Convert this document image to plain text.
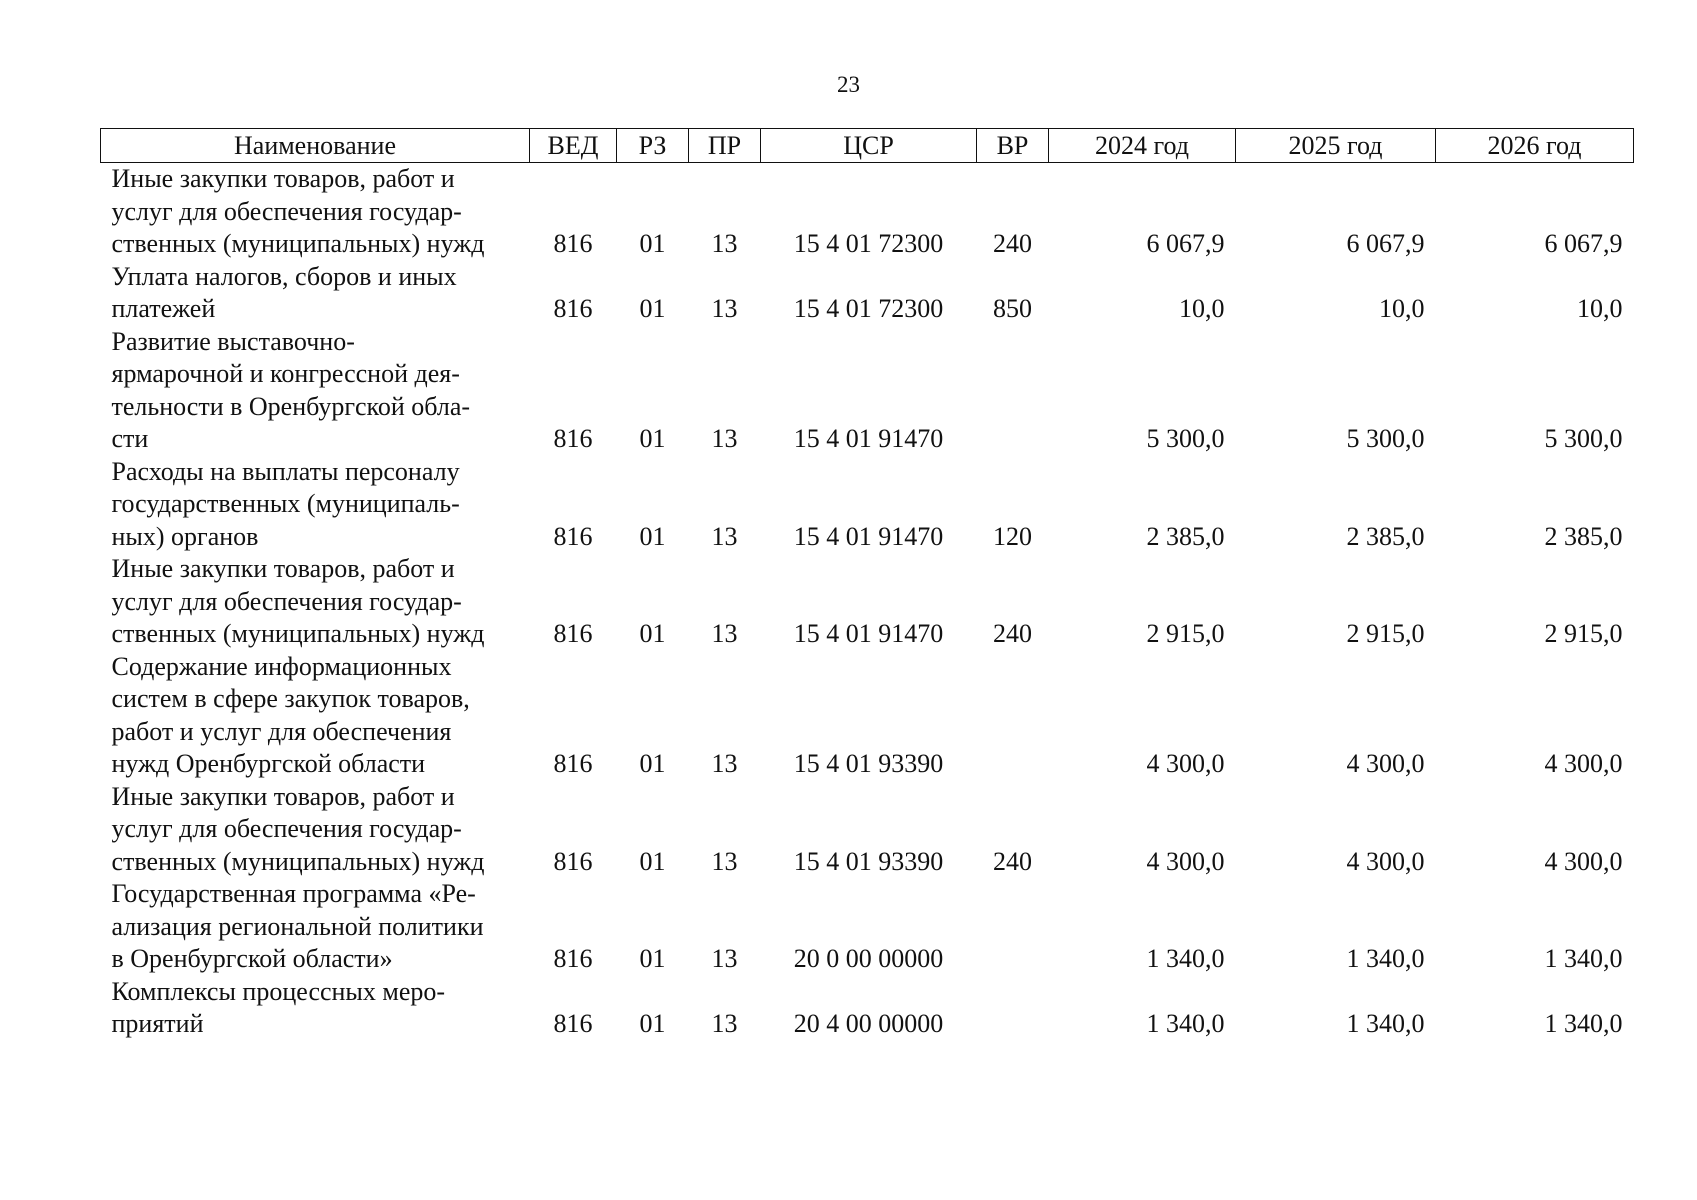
23
Наименование	ВЕД	РЗ	ПР	ЦСР	ВР	2024 год	2025 год	2026 год
Иные закупки товаров, работ и
услуг для обеспечения государ-
ственных (муниципальных) нужд	816	01	13	15 4 01 72300	240	6 067,9	6 067,9	6 067,9
Уплата налогов, сборов и иных
платежей	816	01	13	15 4 01 72300	850	10,0	10,0	10,0
Развитие выставочно-
ярмарочной и конгрессной дея-
тельности в Оренбургской обла-
сти	816	01	13	15 4 01 91470		5 300,0	5 300,0	5 300,0
Расходы на выплаты персоналу
государственных (муниципаль-
ных) органов	816	01	13	15 4 01 91470	120	2 385,0	2 385,0	2 385,0
Иные закупки товаров, работ и
услуг для обеспечения государ-
ственных (муниципальных) нужд	816	01	13	15 4 01 91470	240	2 915,0	2 915,0	2 915,0
Содержание информационных
систем в сфере закупок товаров,
работ и услуг для обеспечения
нужд Оренбургской области	816	01	13	15 4 01 93390		4 300,0	4 300,0	4 300,0
Иные закупки товаров, работ и
услуг для обеспечения государ-
ственных (муниципальных) нужд	816	01	13	15 4 01 93390	240	4 300,0	4 300,0	4 300,0
Государственная программа «Ре-
ализация региональной политики
в Оренбургской области»	816	01	13	20 0 00 00000		1 340,0	1 340,0	1 340,0
Комплексы процессных меро-
приятий	816	01	13	20 4 00 00000		1 340,0	1 340,0	1 340,0
